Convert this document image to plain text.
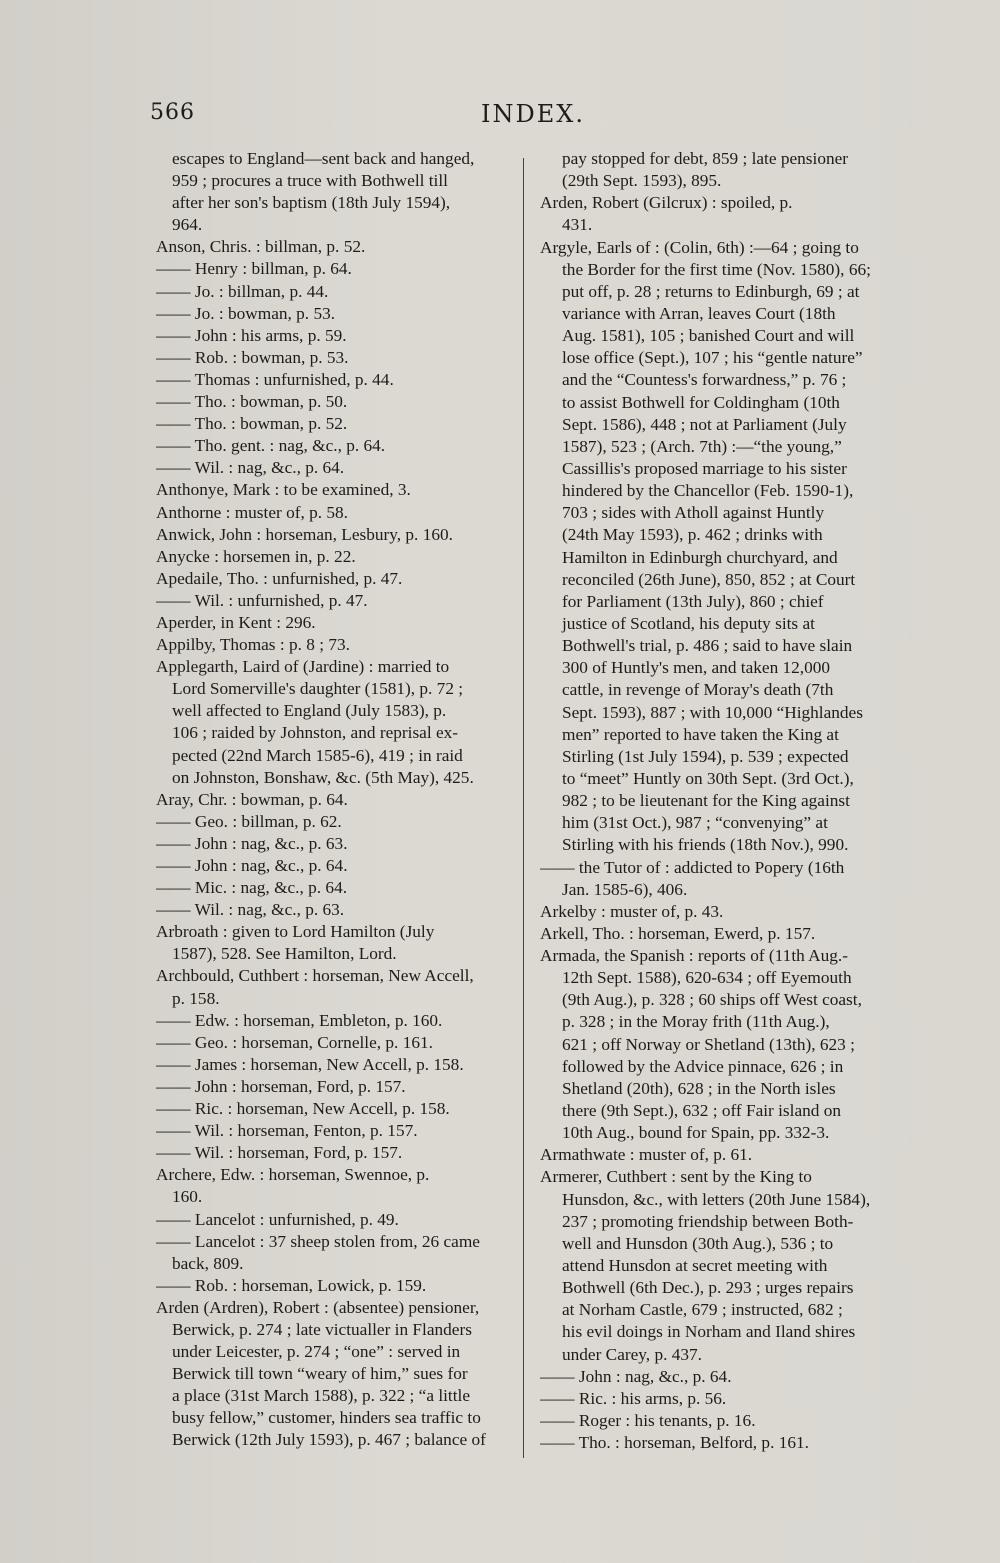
566	INDEX.
escapes to England—sent back and hanged,
959 ; procures a truce with Bothwell till
after her son's baptism (18th July 1594),
964.
Anson, Chris. : billman, p. 52.
—— Henry : billman, p. 64.
—— Jo. : billman, p. 44.
—— Jo. : bowman, p. 53.
—— John : his arms, p. 59.
—— Rob. : bowman, p. 53.
—— Thomas : unfurnished, p. 44.
—— Tho. : bowman, p. 50.
—— Tho. : bowman, p. 52.
—— Tho. gent. : nag, &c., p. 64.
—— Wil. : nag, &c., p. 64.
Anthonye, Mark : to be examined, 3.
Anthorne : muster of, p. 58.
Anwick, John : horseman, Lesbury, p. 160.
Anycke : horsemen in, p. 22.
Apedaile, Tho. : unfurnished, p. 47.
—— Wil. : unfurnished, p. 47.
Aperder, in Kent : 296.
Appilby, Thomas : p. 8 ; 73.
Applegarth, Laird of (Jardine) : married to
Lord Somerville's daughter (1581), p. 72 ;
well affected to England (July 1583), p.
106 ; raided by Johnston, and reprisal ex-
pected (22nd March 1585-6), 419 ; in raid
on Johnston, Bonshaw, &c. (5th May), 425.
Aray, Chr. : bowman, p. 64.
—— Geo. : billman, p. 62.
—— John : nag, &c., p. 63.
—— John : nag, &c., p. 64.
—— Mic. : nag, &c., p. 64.
—— Wil. : nag, &c., p. 63.
Arbroath : given to Lord Hamilton (July
1587), 528. See Hamilton, Lord.
Archbould, Cuthbert : horseman, New Accell,
p. 158.
—— Edw. : horseman, Embleton, p. 160.
—— Geo. : horseman, Cornelle, p. 161.
—— James : horseman, New Accell, p. 158.
—— John : horseman, Ford, p. 157.
—— Ric. : horseman, New Accell, p. 158.
—— Wil. : horseman, Fenton, p. 157.
—— Wil. : horseman, Ford, p. 157.
Archere, Edw. : horseman, Swennoe, p.
160.
—— Lancelot : unfurnished, p. 49.
—— Lancelot : 37 sheep stolen from, 26 came
back, 809.
—— Rob. : horseman, Lowick, p. 159.
Arden (Ardren), Robert : (absentee) pensioner,
Berwick, p. 274 ; late victualler in Flanders
under Leicester, p. 274 ; “one” : served in
Berwick till town “weary of him,” sues for
a place (31st March 1588), p. 322 ; “a little
busy fellow,” customer, hinders sea traffic to
Berwick (12th July 1593), p. 467 ; balance of
pay stopped for debt, 859 ; late pensioner
(29th Sept. 1593), 895.
Arden, Robert (Gilcrux) : spoiled, p.
431.
Argyle, Earls of : (Colin, 6th) :—64 ; going to
the Border for the first time (Nov. 1580), 66;
put off, p. 28 ; returns to Edinburgh, 69 ; at
variance with Arran, leaves Court (18th
Aug. 1581), 105 ; banished Court and will
lose office (Sept.), 107 ; his “gentle nature”
and the “Countess's forwardness,” p. 76 ;
to assist Bothwell for Coldingham (10th
Sept. 1586), 448 ; not at Parliament (July
1587), 523 ; (Arch. 7th) :—“the young,”
Cassillis's proposed marriage to his sister
hindered by the Chancellor (Feb. 1590-1),
703 ; sides with Atholl against Huntly
(24th May 1593), p. 462 ; drinks with
Hamilton in Edinburgh churchyard, and
reconciled (26th June), 850, 852 ; at Court
for Parliament (13th July), 860 ; chief
justice of Scotland, his deputy sits at
Bothwell's trial, p. 486 ; said to have slain
300 of Huntly's men, and taken 12,000
cattle, in revenge of Moray's death (7th
Sept. 1593), 887 ; with 10,000 “Highlandes
men” reported to have taken the King at
Stirling (1st July 1594), p. 539 ; expected
to “meet” Huntly on 30th Sept. (3rd Oct.),
982 ; to be lieutenant for the King against
him (31st Oct.), 987 ; “convenying” at
Stirling with his friends (18th Nov.), 990.
—— the Tutor of : addicted to Popery (16th
Jan. 1585-6), 406.
Arkelby : muster of, p. 43.
Arkell, Tho. : horseman, Ewerd, p. 157.
Armada, the Spanish : reports of (11th Aug.-
12th Sept. 1588), 620-634 ; off Eyemouth
(9th Aug.), p. 328 ; 60 ships off West coast,
p. 328 ; in the Moray frith (11th Aug.),
621 ; off Norway or Shetland (13th), 623 ;
followed by the Advice pinnace, 626 ; in
Shetland (20th), 628 ; in the North isles
there (9th Sept.), 632 ; off Fair island on
10th Aug., bound for Spain, pp. 332-3.
Armathwate : muster of, p. 61.
Armerer, Cuthbert : sent by the King to
Hunsdon, &c., with letters (20th June 1584),
237 ; promoting friendship between Both-
well and Hunsdon (30th Aug.), 536 ; to
attend Hunsdon at secret meeting with
Bothwell (6th Dec.), p. 293 ; urges repairs
at Norham Castle, 679 ; instructed, 682 ;
his evil doings in Norham and Iland shires
under Carey, p. 437.
—— John : nag, &c., p. 64.
—— Ric. : his arms, p. 56.
—— Roger : his tenants, p. 16.
—— Tho. : horseman, Belford, p. 161.
